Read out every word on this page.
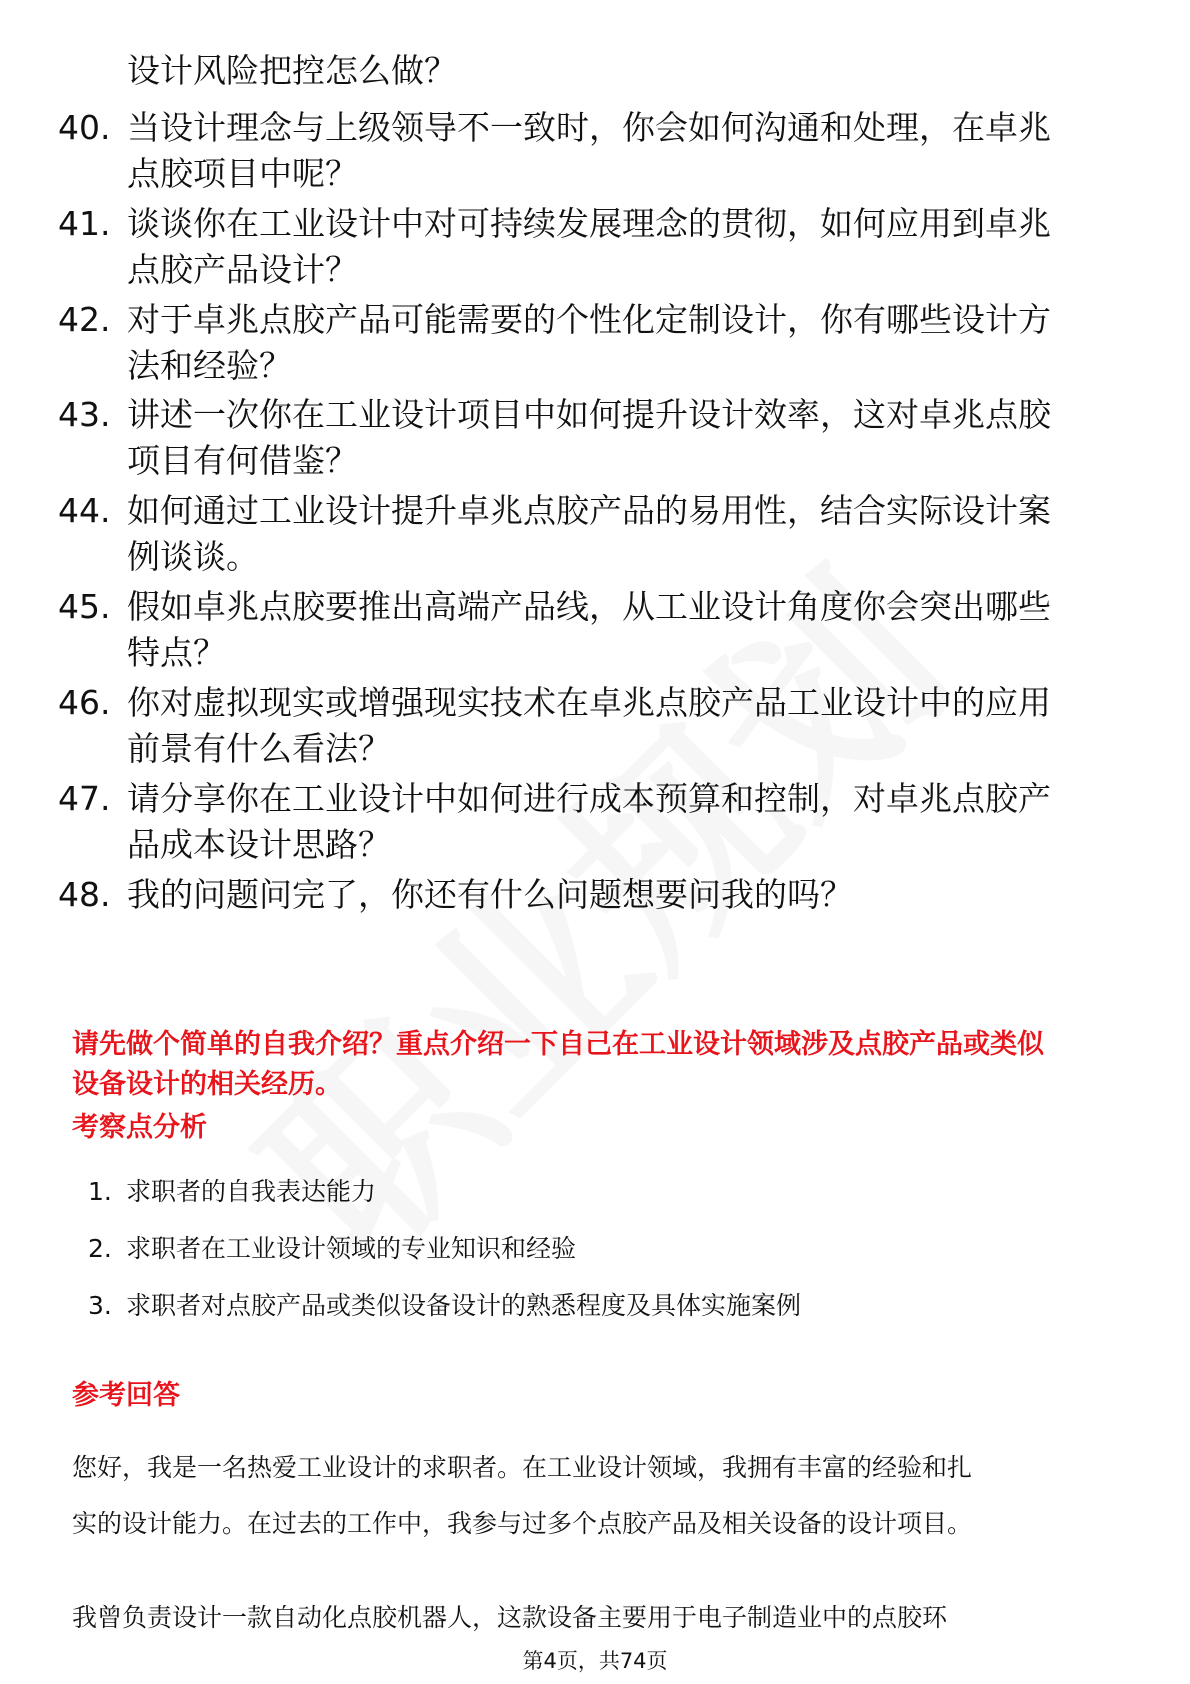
设计风险把控怎么做？
40. 当设计理念与上级领导不一致时，你会如何沟通和处理，在卓兆
点胶项目中呢？
41. 谈谈你在工业设计中对可持续发展理念的贯彻，如何应用到卓兆
点胶产品设计？
42. 对于卓兆点胶产品可能需要的个性化定制设计，你有哪些设计方
法和经验？
43. 讲述一次你在工业设计项目中如何提升设计效率，这对卓兆点胶
项目有何借鉴？
44. 如何通过工业设计提升卓兆点胶产品的易用性，结合实际设计案
例谈谈。
45. 假如卓兆点胶要推出高端产品线，从工业设计角度你会突出哪些
特点？
46. 你对虚拟现实或增强现实技术在卓兆点胶产品工业设计中的应用
前景有什么看法？
47. 请分享你在工业设计中如何进行成本预算和控制，对卓兆点胶产
品成本设计思路？
48. 我的问题问完了，你还有什么问题想要问我的吗？
请先做个简单的自我介绍？重点介绍一下自己在工业设计领域涉及点胶产品或类似
设备设计的相关经历。
考察点分析
1. 求职者的自我表达能力
2. 求职者在工业设计领域的专业知识和经验
3. 求职者对点胶产品或类似设备设计的熟悉程度及具体实施案例
参考回答
您好，我是一名热爱工业设计的求职者。在工业设计领域，我拥有丰富的经验和扎
实的设计能力。在过去的工作中，我参与过多个点胶产品及相关设备的设计项目。
我曾负责设计一款自动化点胶机器人，这款设备主要用于电子制造业中的点胶环
第4页，共74页
